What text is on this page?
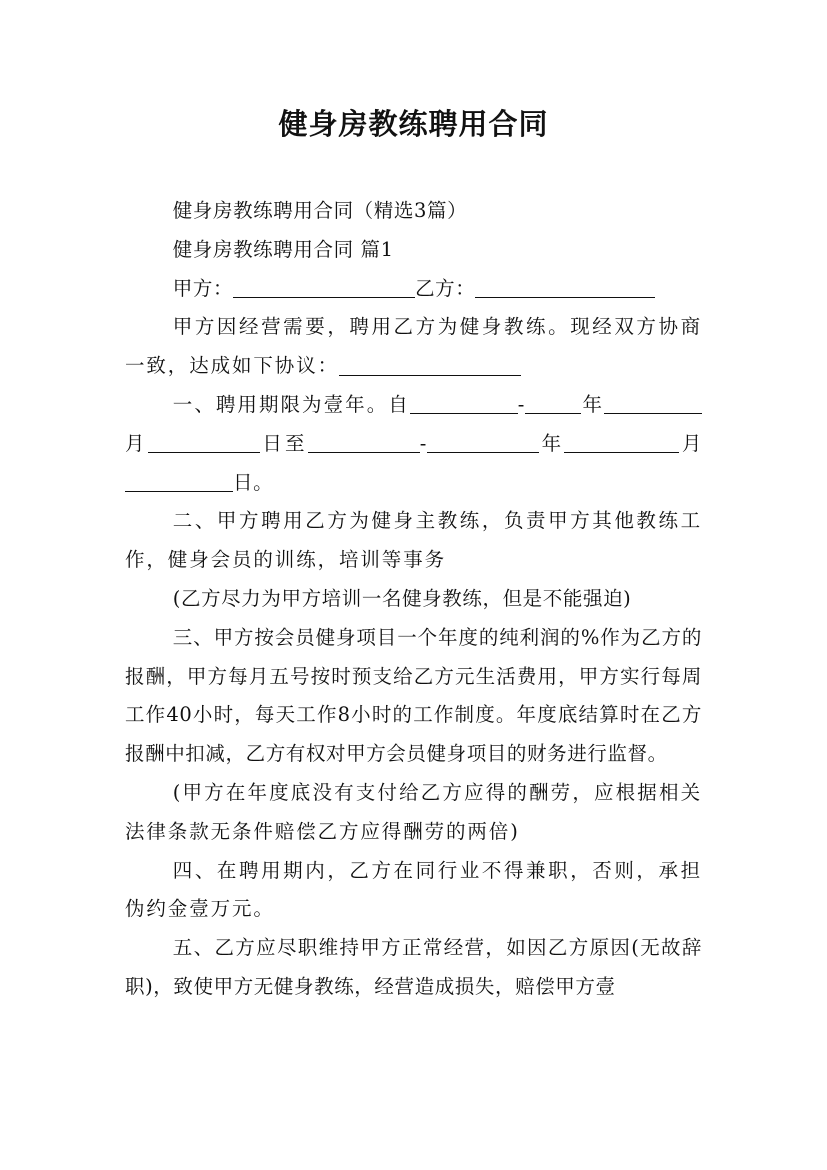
健身房教练聘用合同

健身房教练聘用合同（精选3篇）

健身房教练聘用合同 篇1

甲方：	乙方：

甲方因经营需要，聘用乙方为健身教练。现经双方协商一致，达成如下协议：

一、聘用期限为壹年。自	-	年月	日至	-	年	月日。

二、甲方聘用乙方为健身主教练，负责甲方其他教练工作，健身会员的训练，培训等事务

(乙方尽力为甲方培训一名健身教练，但是不能强迫)

三、甲方按会员健身项目一个年度的纯利润的%作为乙方的报酬，甲方每月五号按时预支给乙方元生活费用，甲方实行每周工作40小时，每天工作8小时的工作制度。年度底结算时在乙方报酬中扣减，乙方有权对甲方会员健身项目的财务进行监督。

(甲方在年度底没有支付给乙方应得的酬劳，应根据相关法律条款无条件赔偿乙方应得酬劳的两倍)

四、在聘用期内，乙方在同行业不得兼职，否则，承担伪约金壹万元。

五、乙方应尽职维持甲方正常经营，如因乙方原因(无故辞职)，致使甲方无健身教练，经营造成损失，赔偿甲方壹
